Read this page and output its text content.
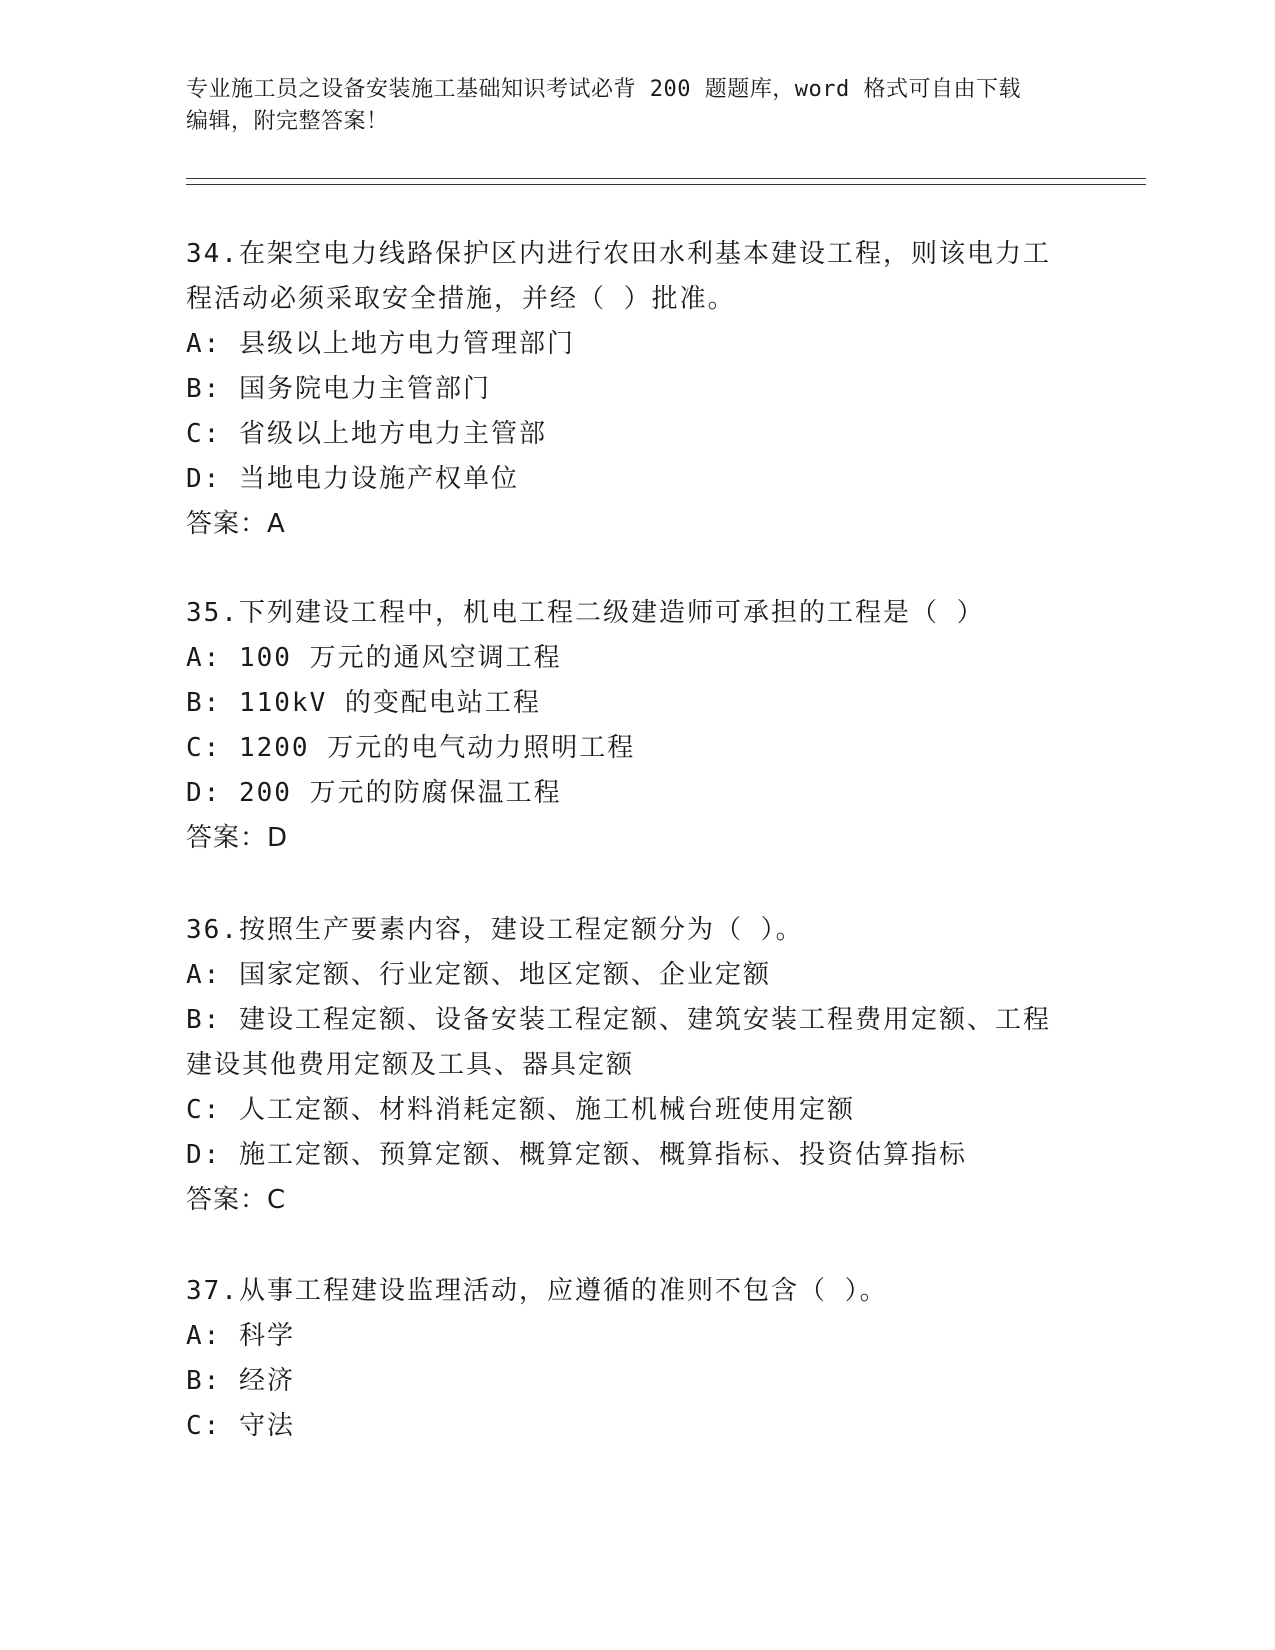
专业施工员之设备安装施工基础知识考试必背 200 题题库，word 格式可自由下载
编辑，附完整答案！
34.在架空电力线路保护区内进行农田水利基本建设工程，则该电力工
程活动必须采取安全措施，并经（ ）批准。
A: 县级以上地方电力管理部门
B: 国务院电力主管部门
C: 省级以上地方电力主管部
D: 当地电力设施产权单位
答案：A
35.下列建设工程中，机电工程二级建造师可承担的工程是（ ）
A: 100 万元的通风空调工程
B: 110kV 的变配电站工程
C: 1200 万元的电气动力照明工程
D: 200 万元的防腐保温工程
答案：D
36.按照生产要素内容，建设工程定额分为（ ）。
A: 国家定额、行业定额、地区定额、企业定额
B: 建设工程定额、设备安装工程定额、建筑安装工程费用定额、工程
建设其他费用定额及工具、器具定额
C: 人工定额、材料消耗定额、施工机械台班使用定额
D: 施工定额、预算定额、概算定额、概算指标、投资估算指标
答案：C
37.从事工程建设监理活动，应遵循的准则不包含（ ）。
A: 科学
B: 经济
C: 守法
